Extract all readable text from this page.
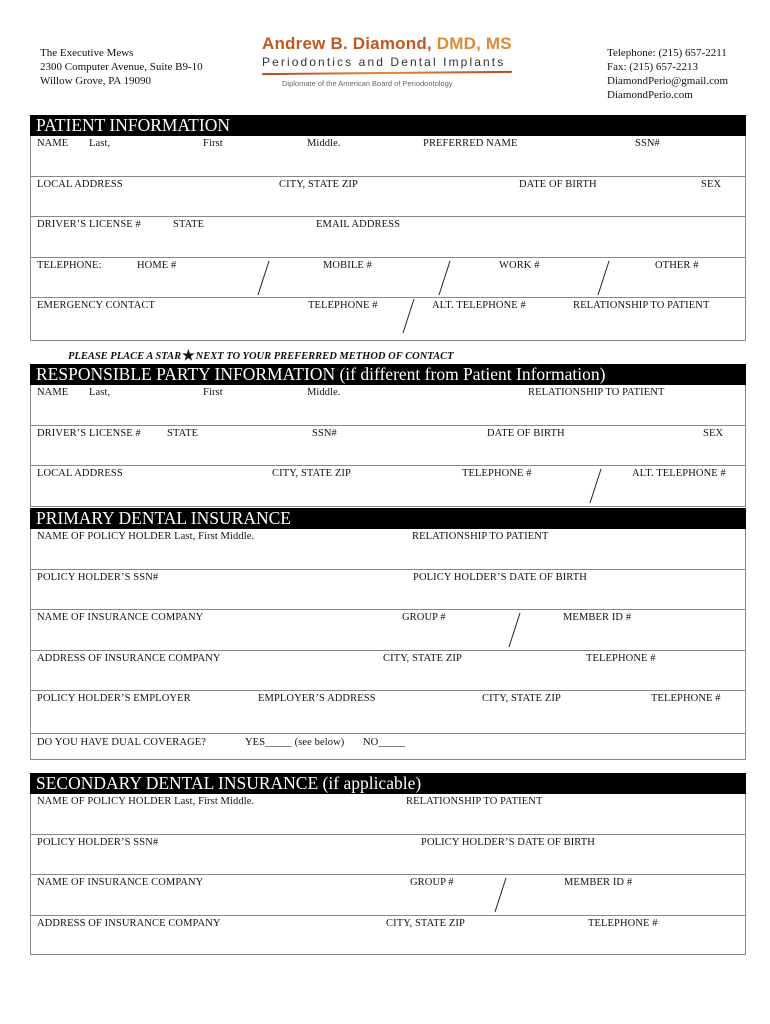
The Executive Mews
2300 Computer Avenue, Suite B9-10
Willow Grove, PA 19090
Andrew B. Diamond, DMD, MS
Periodontics and Dental Implants
Diplomate of the American Board of Periodontology
Telephone: (215) 657-2211
Fax: (215) 657-2213
DiamondPerio@gmail.com
DiamondPerio.com
PATIENT INFORMATION
NAME Last,	First	Middle.	PREFERRED NAME	SSN#
LOCAL ADDRESS	CITY, STATE ZIP	DATE OF BIRTH	SEX
DRIVER’S LICENSE #	STATE	EMAIL ADDRESS
TELEPHONE:	HOME #	MOBILE #	WORK #	OTHER #
EMERGENCY CONTACT	TELEPHONE #	ALT. TELEPHONE #	RELATIONSHIP TO PATIENT
PLEASE PLACE A STAR★NEXT TO YOUR PREFERRED METHOD OF CONTACT
RESPONSIBLE PARTY INFORMATION (if different from Patient Information)
NAME Last,	First	Middle.	RELATIONSHIP TO PATIENT
DRIVER’S LICENSE # STATE	SSN#	DATE OF BIRTH	SEX
LOCAL ADDRESS	CITY, STATE ZIP	TELEPHONE #	ALT. TELEPHONE #
PRIMARY DENTAL INSURANCE
NAME OF POLICY HOLDER Last, First Middle.	RELATIONSHIP TO PATIENT
POLICY HOLDER’S SSN#	POLICY HOLDER’S DATE OF BIRTH
NAME OF INSURANCE COMPANY	GROUP #	MEMBER ID #
ADDRESS OF INSURANCE COMPANY	CITY, STATE ZIP	TELEPHONE #
POLICY HOLDER’S EMPLOYER	EMPLOYER’S ADDRESS	CITY, STATE ZIP	TELEPHONE #
DO YOU HAVE DUAL COVERAGE?	YES_____ (see below) NO_____
SECONDARY DENTAL INSURANCE (if applicable)
NAME OF POLICY HOLDER Last, First Middle.	RELATIONSHIP TO PATIENT
POLICY HOLDER’S SSN#	POLICY HOLDER’S DATE OF BIRTH
NAME OF INSURANCE COMPANY	GROUP #	MEMBER ID #
ADDRESS OF INSURANCE COMPANY	CITY, STATE ZIP	TELEPHONE #
